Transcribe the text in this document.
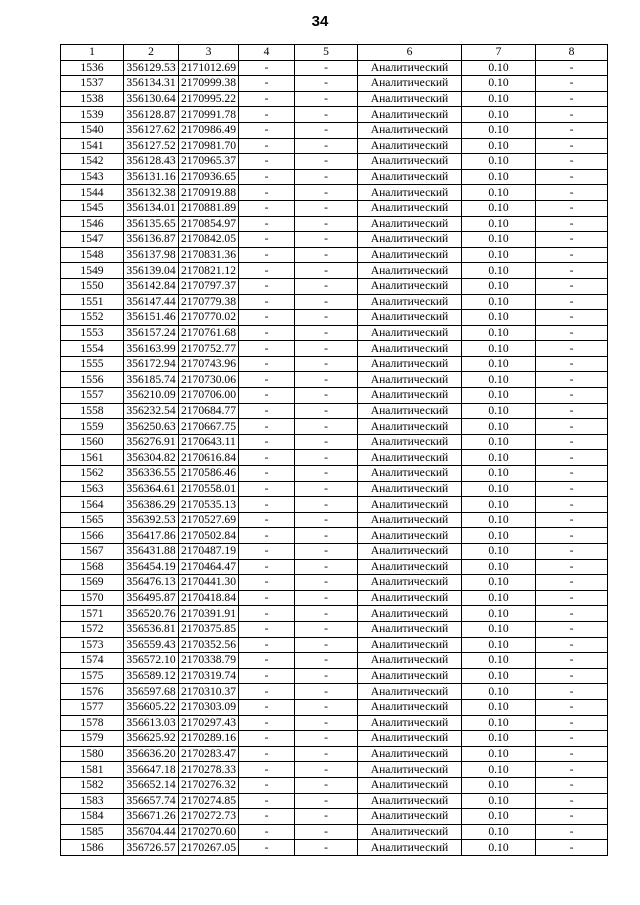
34
1	2	3	4	5	6	7	8
1536	356129.53	2171012.69	-	-	Аналитический	0.10	-
1537	356134.31	2170999.38	-	-	Аналитический	0.10	-
1538	356130.64	2170995.22	-	-	Аналитический	0.10	-
1539	356128.87	2170991.78	-	-	Аналитический	0.10	-
1540	356127.62	2170986.49	-	-	Аналитический	0.10	-
1541	356127.52	2170981.70	-	-	Аналитический	0.10	-
1542	356128.43	2170965.37	-	-	Аналитический	0.10	-
1543	356131.16	2170936.65	-	-	Аналитический	0.10	-
1544	356132.38	2170919.88	-	-	Аналитический	0.10	-
1545	356134.01	2170881.89	-	-	Аналитический	0.10	-
1546	356135.65	2170854.97	-	-	Аналитический	0.10	-
1547	356136.87	2170842.05	-	-	Аналитический	0.10	-
1548	356137.98	2170831.36	-	-	Аналитический	0.10	-
1549	356139.04	2170821.12	-	-	Аналитический	0.10	-
1550	356142.84	2170797.37	-	-	Аналитический	0.10	-
1551	356147.44	2170779.38	-	-	Аналитический	0.10	-
1552	356151.46	2170770.02	-	-	Аналитический	0.10	-
1553	356157.24	2170761.68	-	-	Аналитический	0.10	-
1554	356163.99	2170752.77	-	-	Аналитический	0.10	-
1555	356172.94	2170743.96	-	-	Аналитический	0.10	-
1556	356185.74	2170730.06	-	-	Аналитический	0.10	-
1557	356210.09	2170706.00	-	-	Аналитический	0.10	-
1558	356232.54	2170684.77	-	-	Аналитический	0.10	-
1559	356250.63	2170667.75	-	-	Аналитический	0.10	-
1560	356276.91	2170643.11	-	-	Аналитический	0.10	-
1561	356304.82	2170616.84	-	-	Аналитический	0.10	-
1562	356336.55	2170586.46	-	-	Аналитический	0.10	-
1563	356364.61	2170558.01	-	-	Аналитический	0.10	-
1564	356386.29	2170535.13	-	-	Аналитический	0.10	-
1565	356392.53	2170527.69	-	-	Аналитический	0.10	-
1566	356417.86	2170502.84	-	-	Аналитический	0.10	-
1567	356431.88	2170487.19	-	-	Аналитический	0.10	-
1568	356454.19	2170464.47	-	-	Аналитический	0.10	-
1569	356476.13	2170441.30	-	-	Аналитический	0.10	-
1570	356495.87	2170418.84	-	-	Аналитический	0.10	-
1571	356520.76	2170391.91	-	-	Аналитический	0.10	-
1572	356536.81	2170375.85	-	-	Аналитический	0.10	-
1573	356559.43	2170352.56	-	-	Аналитический	0.10	-
1574	356572.10	2170338.79	-	-	Аналитический	0.10	-
1575	356589.12	2170319.74	-	-	Аналитический	0.10	-
1576	356597.68	2170310.37	-	-	Аналитический	0.10	-
1577	356605.22	2170303.09	-	-	Аналитический	0.10	-
1578	356613.03	2170297.43	-	-	Аналитический	0.10	-
1579	356625.92	2170289.16	-	-	Аналитический	0.10	-
1580	356636.20	2170283.47	-	-	Аналитический	0.10	-
1581	356647.18	2170278.33	-	-	Аналитический	0.10	-
1582	356652.14	2170276.32	-	-	Аналитический	0.10	-
1583	356657.74	2170274.85	-	-	Аналитический	0.10	-
1584	356671.26	2170272.73	-	-	Аналитический	0.10	-
1585	356704.44	2170270.60	-	-	Аналитический	0.10	-
1586	356726.57	2170267.05	-	-	Аналитический	0.10	-
